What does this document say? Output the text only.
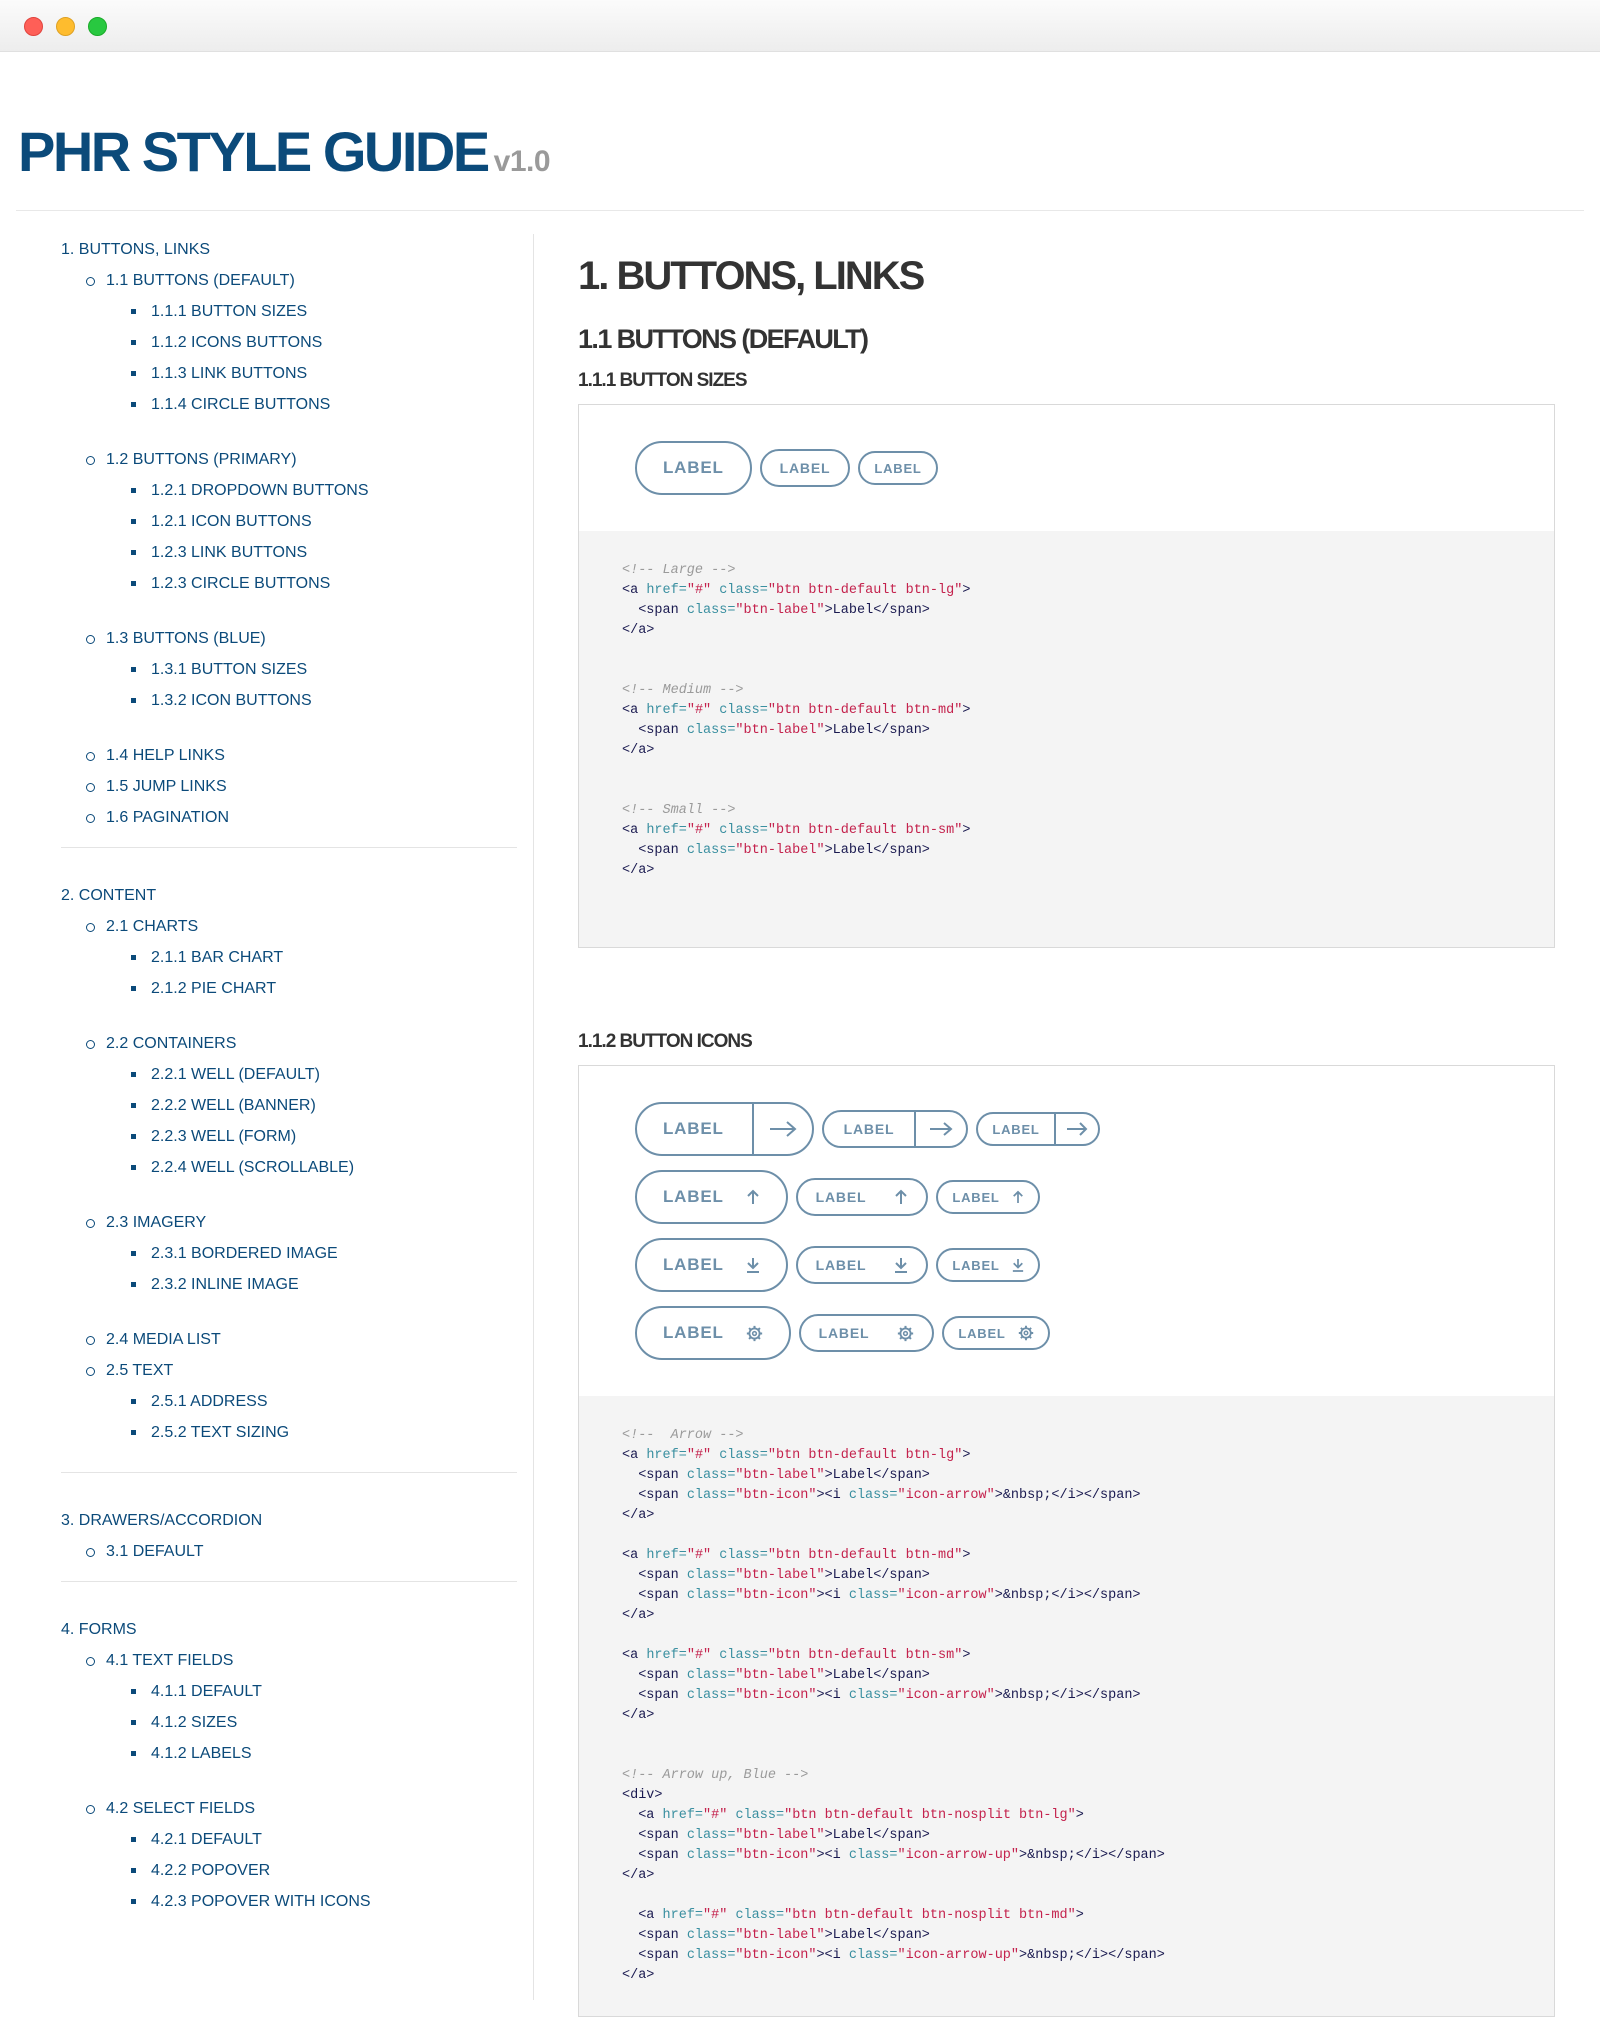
PHR STYLE GUIDE v1.0
1. BUTTONS, LINKS
1.1 BUTTONS (DEFAULT)
1.1.1 BUTTON SIZES
1.1.2 ICONS BUTTONS
1.1.3 LINK BUTTONS
1.1.4 CIRCLE BUTTONS
1.2 BUTTONS (PRIMARY)
1.2.1 DROPDOWN BUTTONS
1.2.1 ICON BUTTONS
1.2.3 LINK BUTTONS
1.2.3 CIRCLE BUTTONS
1.3 BUTTONS (BLUE)
1.3.1 BUTTON SIZES
1.3.2 ICON BUTTONS
1.4 HELP LINKS
1.5 JUMP LINKS
1.6 PAGINATION
2. CONTENT
2.1 CHARTS
2.1.1 BAR CHART
2.1.2 PIE CHART
2.2 CONTAINERS
2.2.1 WELL (DEFAULT)
2.2.2 WELL (BANNER)
2.2.3 WELL (FORM)
2.2.4 WELL (SCROLLABLE)
2.3 IMAGERY
2.3.1 BORDERED IMAGE
2.3.2 INLINE IMAGE
2.4 MEDIA LIST
2.5 TEXT
2.5.1 ADDRESS
2.5.2 TEXT SIZING
3. DRAWERS/ACCORDION
3.1 DEFAULT
4. FORMS
4.1 TEXT FIELDS
4.1.1 DEFAULT
4.1.2 SIZES
4.1.2 LABELS
4.2 SELECT FIELDS
4.2.1 DEFAULT
4.2.2 POPOVER
4.2.3 POPOVER WITH ICONS
1. BUTTONS, LINKS
1.1 BUTTONS (DEFAULT)
1.1.1 BUTTON SIZES
LABEL	LABEL	LABEL
<!-- Large -->
<a href="#" class="btn btn-default btn-lg">
<span class="btn-label">Label</span>
</a>
<!-- Medium -->
<a href="#" class="btn btn-default btn-md">
<span class="btn-label">Label</span>
</a>
<!-- Small -->
<a href="#" class="btn btn-default btn-sm">
<span class="btn-label">Label</span>
</a>
1.1.2 BUTTON ICONS
LABEL	LABEL	LABEL
LABEL	LABEL	LABEL
LABEL	LABEL	LABEL
LABEL	LABEL	LABEL
<!--  Arrow -->
<a href="#" class="btn btn-default btn-lg">
<span class="btn-label">Label</span>
<span class="btn-icon"><i class="icon-arrow">&nbsp;</i></span>
</a>
<a href="#" class="btn btn-default btn-md">
<span class="btn-label">Label</span>
<span class="btn-icon"><i class="icon-arrow">&nbsp;</i></span>
</a>
<a href="#" class="btn btn-default btn-sm">
<span class="btn-label">Label</span>
<span class="btn-icon"><i class="icon-arrow">&nbsp;</i></span>
</a>
<!-- Arrow up, Blue -->
<div>
<a href="#" class="btn btn-default btn-nosplit btn-lg">
<span class="btn-label">Label</span>
<span class="btn-icon"><i class="icon-arrow-up">&nbsp;</i></span>
</a>
<a href="#" class="btn btn-default btn-nosplit btn-md">
<span class="btn-label">Label</span>
<span class="btn-icon"><i class="icon-arrow-up">&nbsp;</i></span>
</a>
